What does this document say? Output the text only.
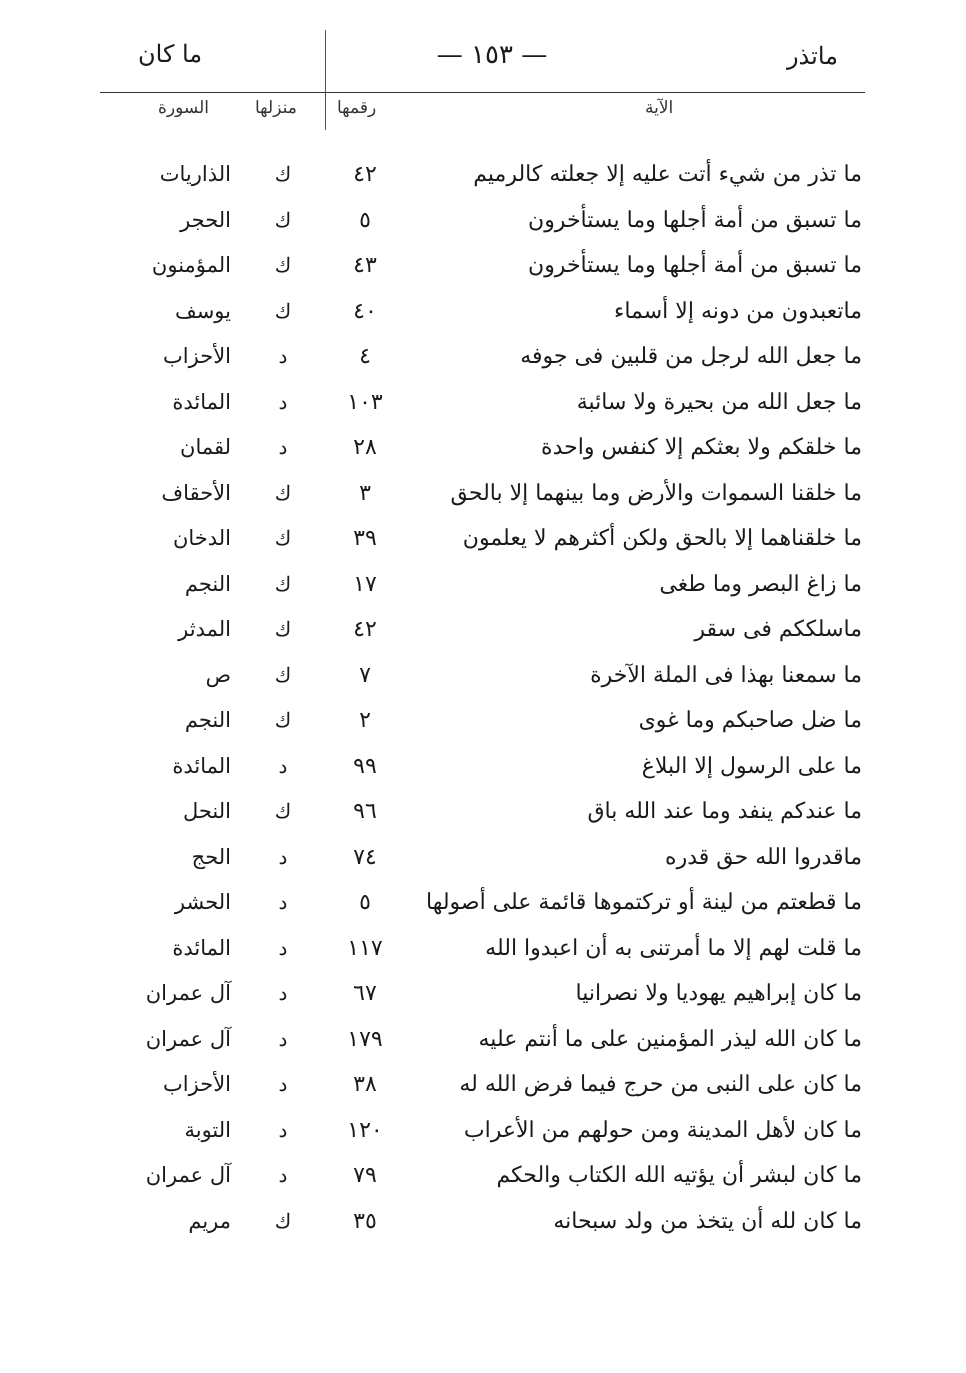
ماتذر
— ١٥٣ —
ما كان
الآية
رقمها
منزلها
السورة
ما تذر من شيء أتت عليه إلا جعلته كالرميم
٤٢
ك
الذاريات
ما تسبق من أمة أجلها وما يستأخرون
٥
ك
الحجر
ما تسبق من أمة أجلها وما يستأخرون
٤٣
ك
المؤمنون
ماتعبدون من دونه إلا أسماء
٤٠
ك
يوسف
ما جعل الله لرجل من قلبين فى جوفه
٤
د
الأحزاب
ما جعل الله من بحيرة ولا سائبة
١٠٣
د
المائدة
ما خلقكم ولا بعثكم إلا كنفس واحدة
٢٨
د
لقمان
ما خلقنا السموات والأرض وما بينهما إلا بالحق
٣
ك
الأحقاف
ما خلقناهما إلا بالحق ولكن أكثرهم لا يعلمون
٣٩
ك
الدخان
ما زاغ البصر وما طغى
١٧
ك
النجم
ماسلككم فى سقر
٤٢
ك
المدثر
ما سمعنا بهذا فى الملة الآخرة
٧
ك
ص
ما ضل صاحبكم وما غوى
٢
ك
النجم
ما على الرسول إلا البلاغ
٩٩
د
المائدة
ما عندكم ينفد وما عند الله باق
٩٦
ك
النحل
ماقدروا الله حق قدره
٧٤
د
الحج
ما قطعتم من لينة أو تركتموها قائمة على أصولها
٥
د
الحشر
ما قلت لهم إلا ما أمرتنى به أن اعبدوا الله
١١٧
د
المائدة
ما كان إبراهيم يهوديا ولا نصرانيا
٦٧
د
آل عمران
ما كان الله ليذر المؤمنين على ما أنتم عليه
١٧٩
د
آل عمران
ما كان على النبى من حرج فيما فرض الله له
٣٨
د
الأحزاب
ما كان لأهل المدينة ومن حولهم من الأعراب
١٢٠
د
التوبة
ما كان لبشر أن يؤتيه الله الكتاب والحكم
٧٩
د
آل عمران
ما كان لله أن يتخذ من ولد سبحانه
٣٥
ك
مريم
